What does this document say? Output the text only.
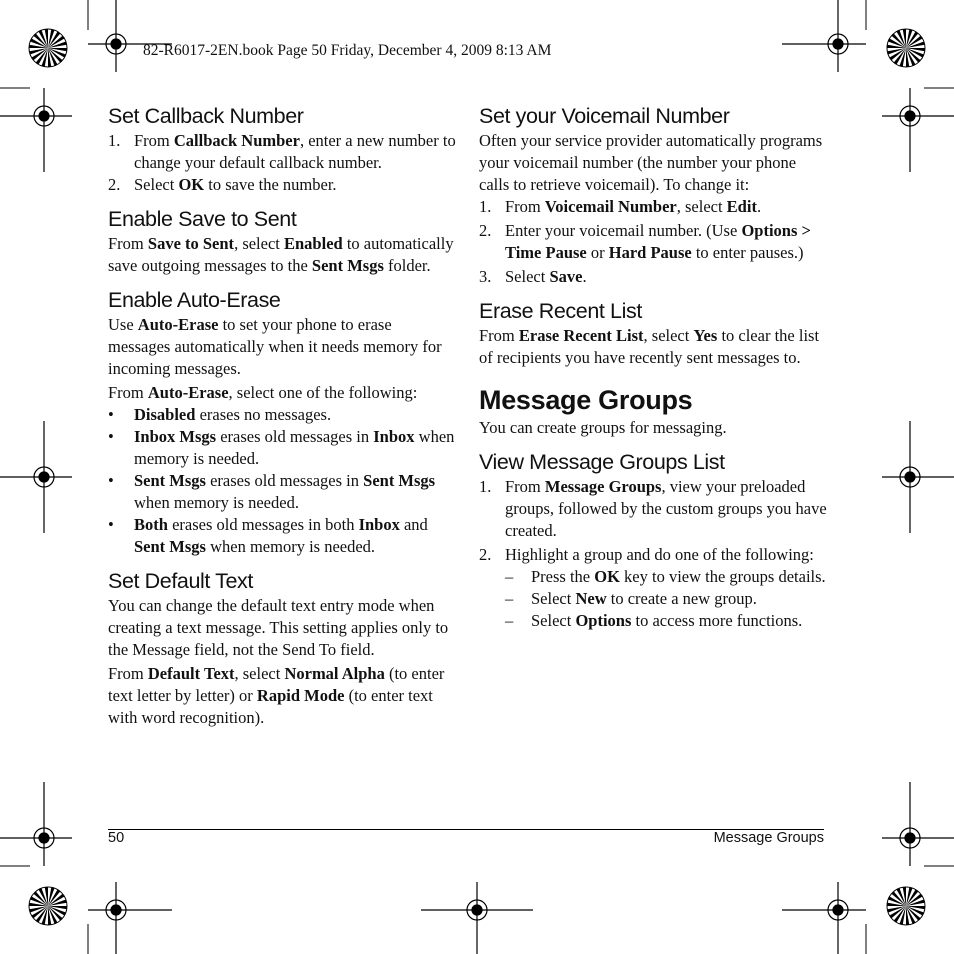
82-R6017-2EN.book Page 50 Friday, December 4, 2009 8:13 AM
Set Callback Number
1. From Callback Number, enter a new number to change your default callback number.
2. Select OK to save the number.
Enable Save to Sent

From Save to Sent, select Enabled to automatically save outgoing messages to the Sent Msgs folder.

Enable Auto-Erase

Use Auto-Erase to set your phone to erase messages automatically when it needs memory for incoming messages.

From Auto-Erase, select one of the following:

• Disabled erases no messages.
• Inbox Msgs erases old messages in Inbox when memory is needed.
• Sent Msgs erases old messages in Sent Msgs when memory is needed.
• Both erases old messages in both Inbox and Sent Msgs when memory is needed.
Set Default Text

You can change the default text entry mode when creating a text message. This setting applies only to the Message field, not the Send To field.

From Default Text, select Normal Alpha (to enter text letter by letter) or Rapid Mode (to enter text with word recognition).

Set your Voicemail Number

Often your service provider automatically programs your voicemail number (the number your phone calls to retrieve voicemail). To change it:

1. From Voicemail Number, select Edit.
2. Enter your voicemail number. (Use Options > Time Pause or Hard Pause to enter pauses.)
3. Select Save.
Erase Recent List

From Erase Recent List, select Yes to clear the list of recipients you have recently sent messages to.

Message Groups

You can create groups for messaging.

View Message Groups List
1. From Message Groups, view your preloaded groups, followed by the custom groups you have created.
2. Highlight a group and do one of the following:
– Press the OK key to view the groups details.
– Select New to create a new group.
– Select Options to access more functions.
50	Message Groups
